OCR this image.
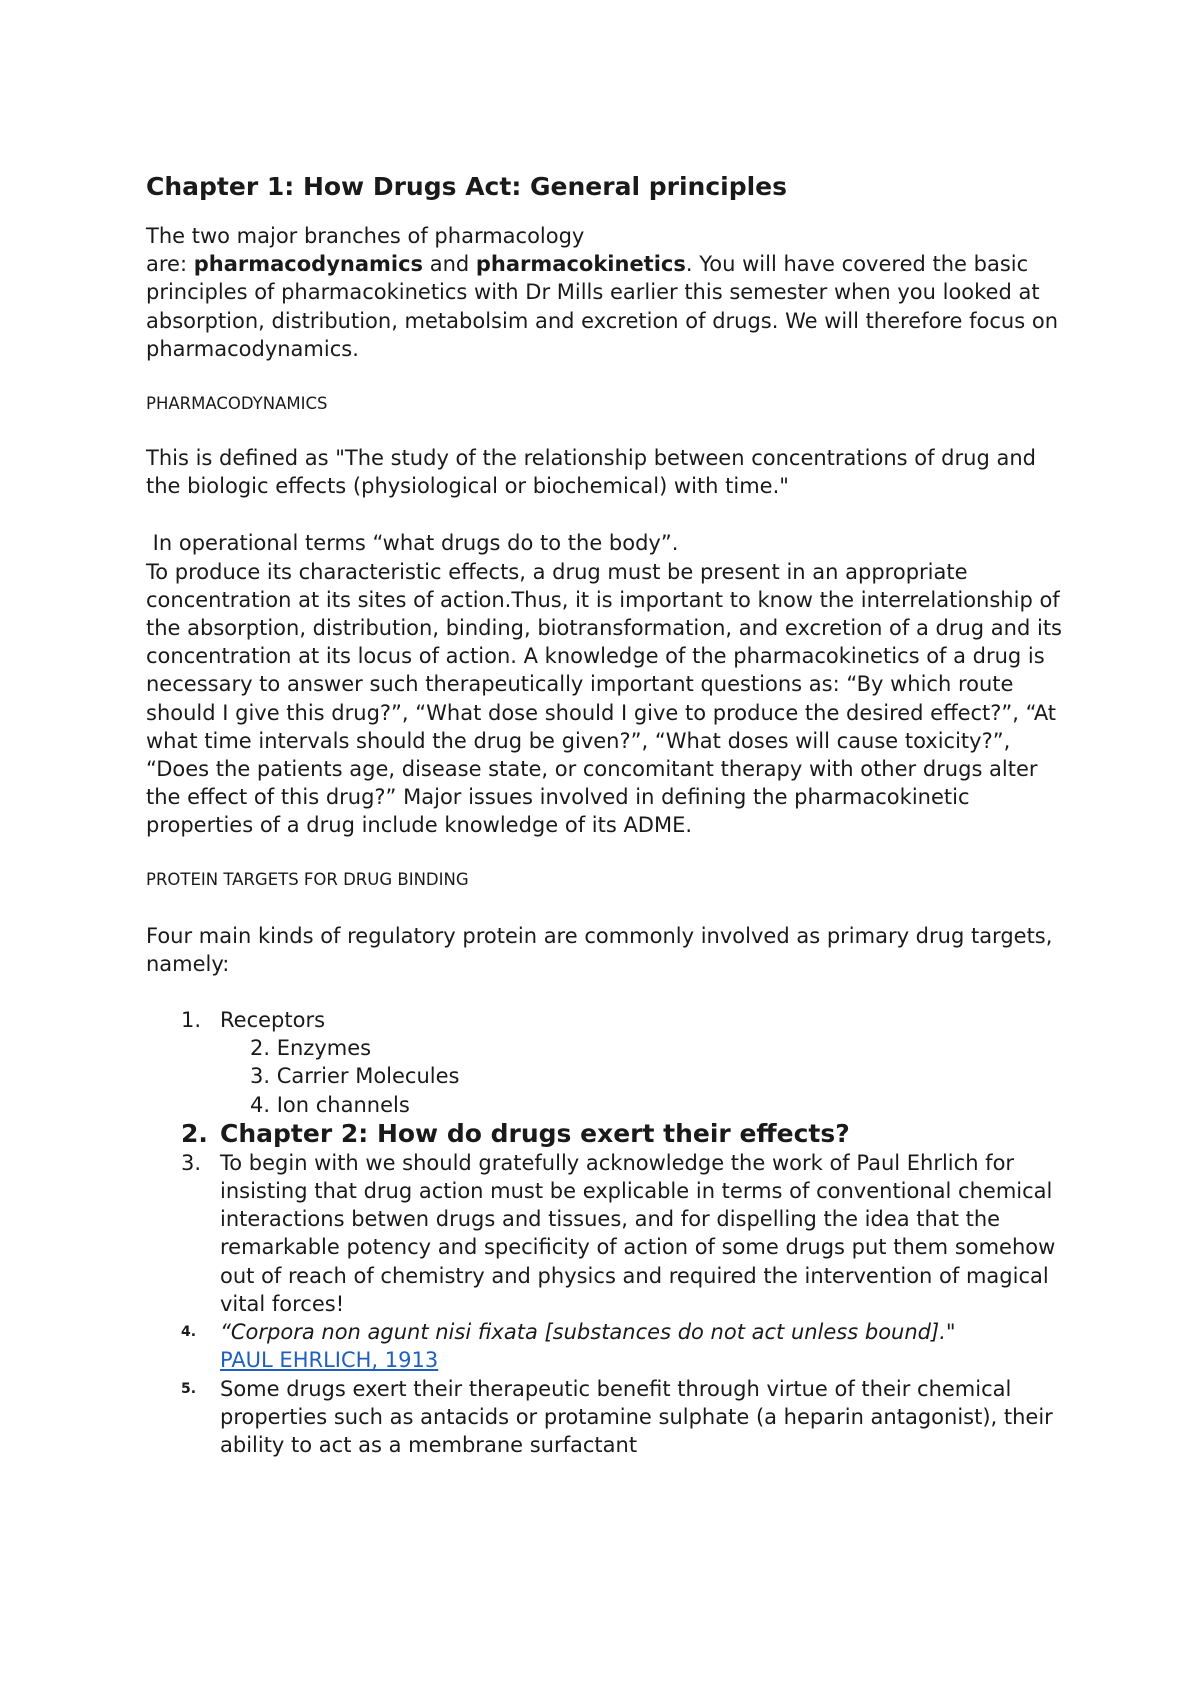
Chapter 1: How Drugs Act: General principles

The two major branches of pharmacology
are: pharmacodynamics and pharmacokinetics. You will have covered the basic principles of pharmacokinetics with Dr Mills earlier this semester when you looked at absorption, distribution, metabolsim and excretion of drugs. We will therefore focus on pharmacodynamics.

PHARMACODYNAMICS

This is defined as "The study of the relationship between concentrations of drug and the biologic effects (physiological or biochemical) with time."

In operational terms “what drugs do to the body”.

To produce its characteristic effects, a drug must be present in an appropriate concentration at its sites of action.Thus, it is important to know the interrelationship of the absorption, distribution, binding, biotransformation, and excretion of a drug and its concentration at its locus of action. A knowledge of the pharmacokinetics of a drug is necessary to answer such therapeutically important questions as: “By which route should I give this drug?”, “What dose should I give to produce the desired effect?”, “At what time intervals should the drug be given?”, “What doses will cause toxicity?”, “Does the patients age, disease state, or concomitant therapy with other drugs alter the effect of this drug?” Major issues involved in defining the pharmacokinetic properties of a drug include knowledge of its ADME.

PROTEIN TARGETS FOR DRUG BINDING

Four main kinds of regulatory protein are commonly involved as primary drug targets, namely:

1. Receptors
2. Enzymes
3. Carrier Molecules
4. Ion channels
2. Chapter 2: How do drugs exert their effects?
3. To begin with we should gratefully acknowledge the work of Paul Ehrlich for insisting that drug action must be explicable in terms of conventional chemical interactions betwen drugs and tissues, and for dispelling the idea that the remarkable potency and specificity of action of some drugs put them somehow out of reach of chemistry and physics and required the intervention of magical vital forces!
4. “Corpora non agunt nisi fixata [substances do not act unless bound]."
PAUL EHRLICH, 1913
5. Some drugs exert their therapeutic benefit through virtue of their chemical properties such as antacids or protamine sulphate (a heparin antagonist), their ability to act as a membrane surfactant
